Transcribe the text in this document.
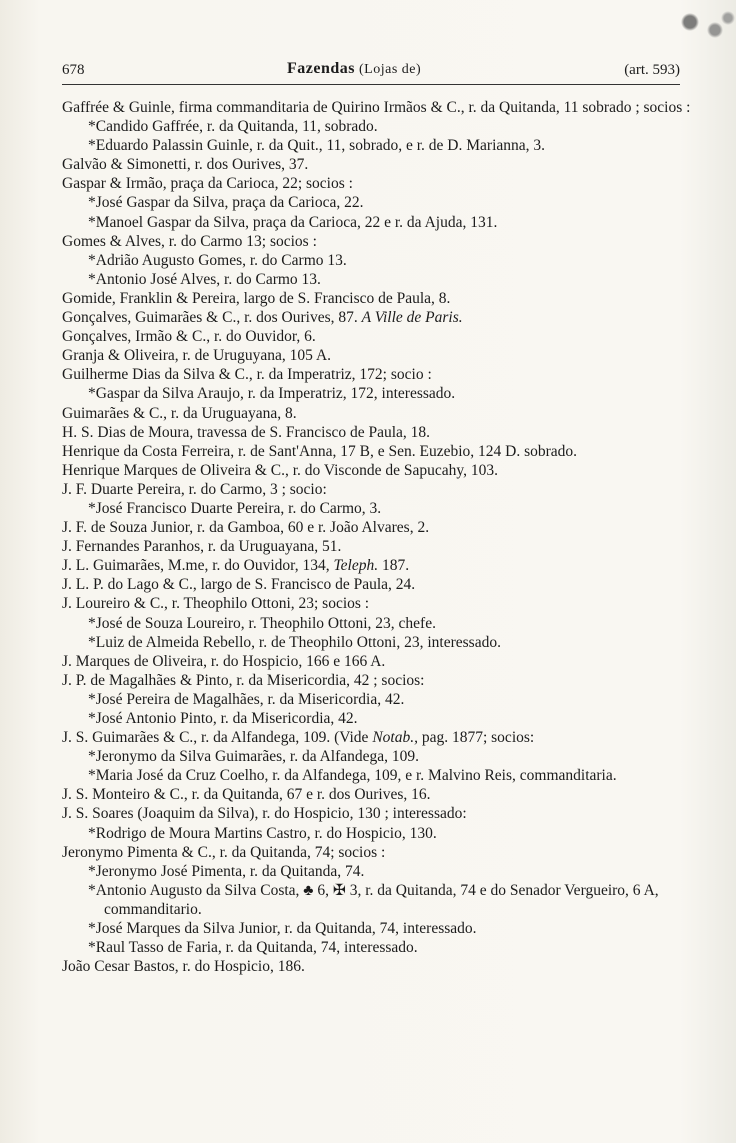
678	Fazendas (Lojas de)	(art. 593)

Gaffrée & Guinle, firma commanditaria de Quirino Irmãos & C., r. da Quitanda, 11 sobrado ; socios :

*Candido Gaffrée, r. da Quitanda, 11, sobrado.

*Eduardo Palassin Guinle, r. da Quit., 11, sobrado, e r. de D. Marianna, 3.

Galvão & Simonetti, r. dos Ourives, 37.

Gaspar & Irmão, praça da Carioca, 22; socios :

*José Gaspar da Silva, praça da Carioca, 22.

*Manoel Gaspar da Silva, praça da Carioca, 22 e r. da Ajuda, 131.

Gomes & Alves, r. do Carmo 13; socios :

*Adrião Augusto Gomes, r. do Carmo 13.

*Antonio José Alves, r. do Carmo 13.

Gomide, Franklin & Pereira, largo de S. Francisco de Paula, 8.

Gonçalves, Guimarães & C., r. dos Ourives, 87. A Ville de Paris.

Gonçalves, Irmão & C., r. do Ouvidor, 6.

Granja & Oliveira, r. de Uruguyana, 105 A.

Guilherme Dias da Silva & C., r. da Imperatriz, 172; socio :

*Gaspar da Silva Araujo, r. da Imperatriz, 172, interessado.

Guimarães & C., r. da Uruguayana, 8.

H. S. Dias de Moura, travessa de S. Francisco de Paula, 18.

Henrique da Costa Ferreira, r. de Sant'Anna, 17 B, e Sen. Euzebio, 124 D. sobrado.

Henrique Marques de Oliveira & C., r. do Visconde de Sapucahy, 103.

J. F. Duarte Pereira, r. do Carmo, 3 ; socio:

*José Francisco Duarte Pereira, r. do Carmo, 3.

J. F. de Souza Junior, r. da Gamboa, 60 e r. João Alvares, 2.

J. Fernandes Paranhos, r. da Uruguayana, 51.

J. L. Guimarães, M.me, r. do Ouvidor, 134, Teleph. 187.

J. L. P. do Lago & C., largo de S. Francisco de Paula, 24.

J. Loureiro & C., r. Theophilo Ottoni, 23; socios :

*José de Souza Loureiro, r. Theophilo Ottoni, 23, chefe.

*Luiz de Almeida Rebello, r. de Theophilo Ottoni, 23, interessado.

J. Marques de Oliveira, r. do Hospicio, 166 e 166 A.

J. P. de Magalhães & Pinto, r. da Misericordia, 42 ; socios:

*José Pereira de Magalhães, r. da Misericordia, 42.

*José Antonio Pinto, r. da Misericordia, 42.

J. S. Guimarães & C., r. da Alfandega, 109. (Vide Notab., pag. 1877; socios:

*Jeronymo da Silva Guimarães, r. da Alfandega, 109.

*Maria José da Cruz Coelho, r. da Alfandega, 109, e r. Malvino Reis, commanditaria.

J. S. Monteiro & C., r. da Quitanda, 67 e r. dos Ourives, 16.

J. S. Soares (Joaquim da Silva), r. do Hospicio, 130 ; interessado:

*Rodrigo de Moura Martins Castro, r. do Hospicio, 130.

Jeronymo Pimenta & C., r. da Quitanda, 74; socios :

*Jeronymo José Pimenta, r. da Quitanda, 74.

*Antonio Augusto da Silva Costa, ♣ 6, ✠ 3, r. da Quitanda, 74 e do Senador Vergueiro, 6 A, commanditario.

*José Marques da Silva Junior, r. da Quitanda, 74, interessado.

*Raul Tasso de Faria, r. da Quitanda, 74, interessado.

João Cesar Bastos, r. do Hospicio, 186.
